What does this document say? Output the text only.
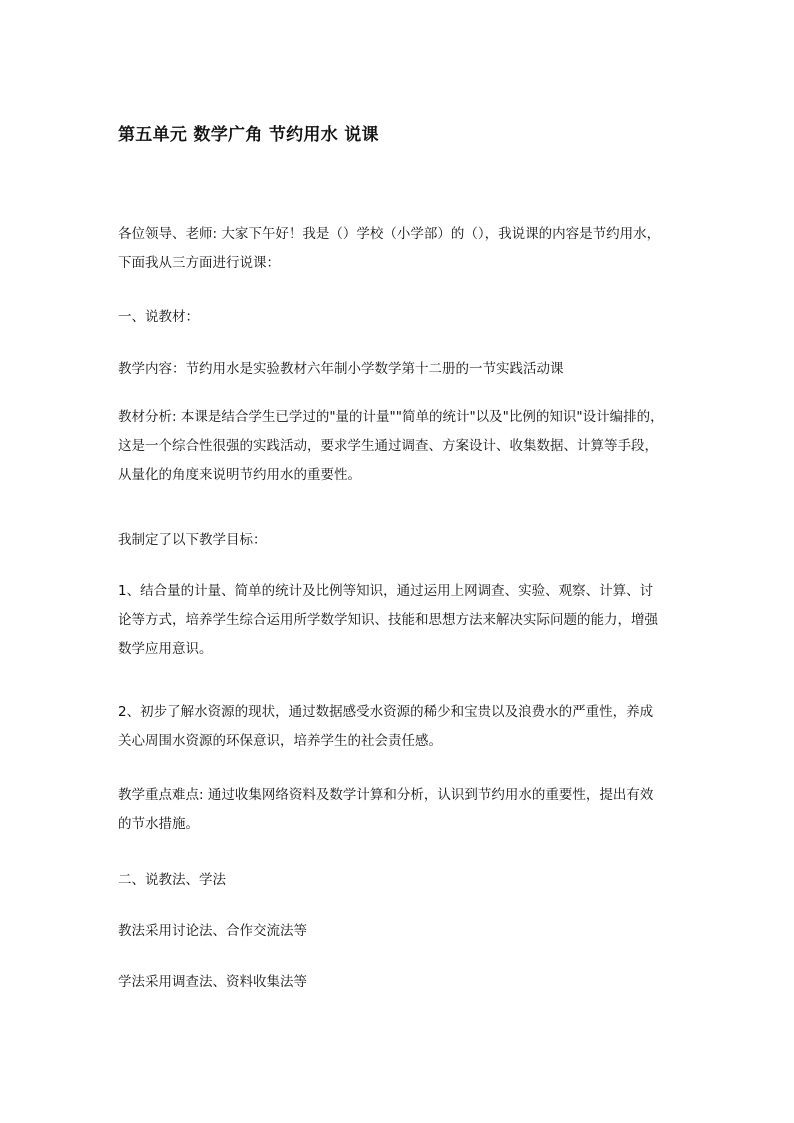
第五单元 数学广角 节约用水 说课
各位领导、老师: 大家下午好！我是（）学校（小学部）的（），我说课的内容是节约用水，
下面我从三方面进行说课：
一、说教材：
教学内容：节约用水是实验教材六年制小学数学第十二册的一节实践活动课
教材分析: 本课是结合学生已学过的"量的计量""简单的统计"以及"比例的知识"设计编排的，
这是一个综合性很强的实践活动，要求学生通过调查、方案设计、收集数据、计算等手段，
从量化的角度来说明节约用水的重要性。
我制定了以下教学目标：
1、结合量的计量、简单的统计及比例等知识，通过运用上网调查、实验、观察、计算、讨
论等方式，培养学生综合运用所学数学知识、技能和思想方法来解决实际问题的能力，增强
数学应用意识。
2、初步了解水资源的现状，通过数据感受水资源的稀少和宝贵以及浪费水的严重性，养成
关心周围水资源的环保意识，培养学生的社会责任感。
教学重点难点: 通过收集网络资料及数学计算和分析，认识到节约用水的重要性，提出有效
的节水措施。
二、说教法、学法
教法采用讨论法、合作交流法等
学法采用调查法、资料收集法等
